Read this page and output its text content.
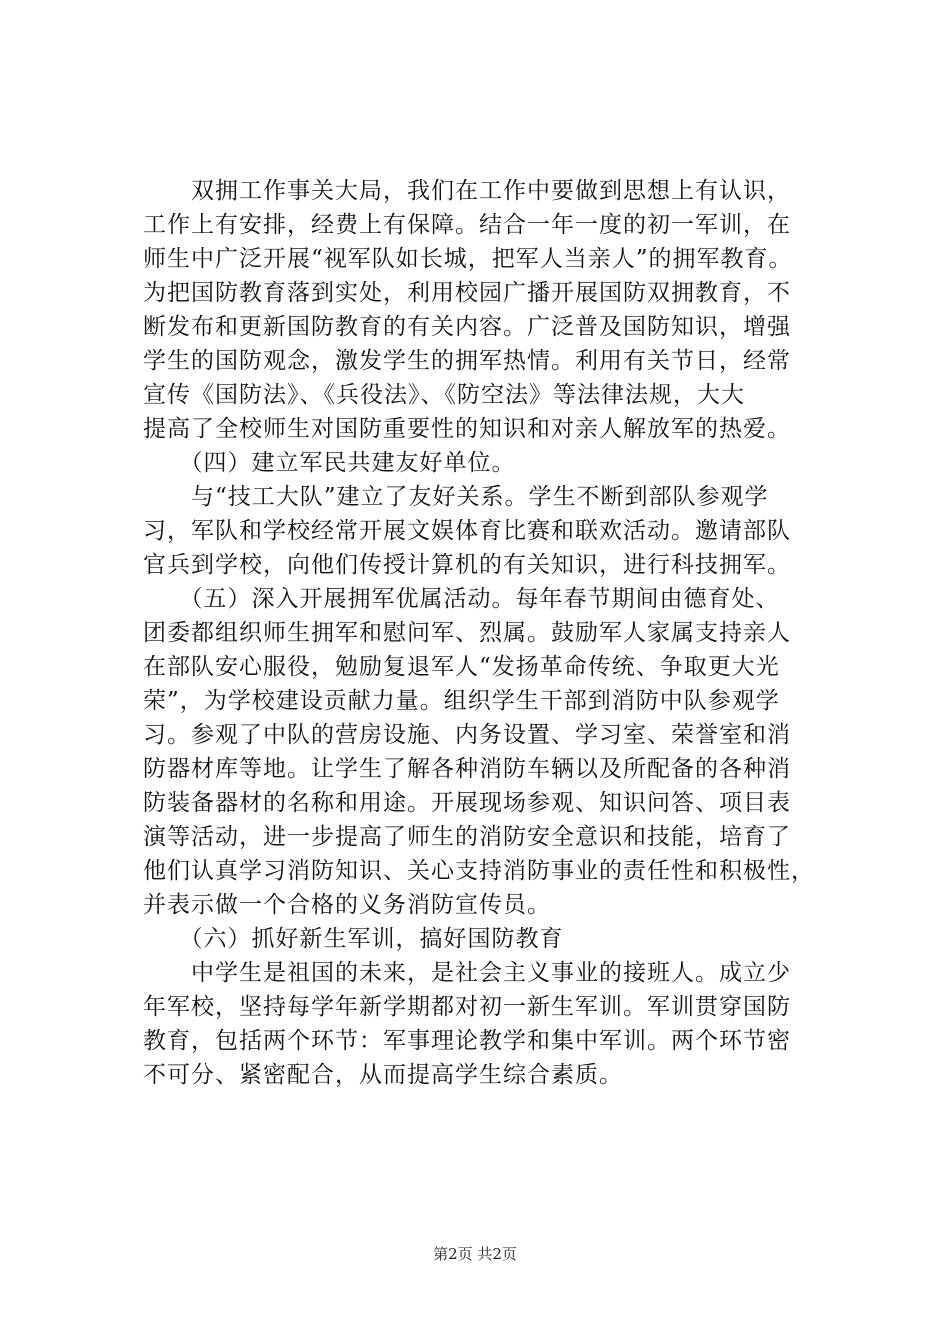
　　双拥工作事关大局，我们在工作中要做到思想上有认识，
工作上有安排，经费上有保障。结合一年一度的初一军训，在
师生中广泛开展“视军队如长城，把军人当亲人”的拥军教育。
为把国防教育落到实处，利用校园广播开展国防双拥教育，不
断发布和更新国防教育的有关内容。广泛普及国防知识，增强
学生的国防观念，激发学生的拥军热情。利用有关节日，经常
宣传《国防法》、《兵役法》、《防空法》等法律法规，大大
提高了全校师生对国防重要性的知识和对亲人解放军的热爱。
　　（四）建立军民共建友好单位。
　　与“技工大队”建立了友好关系。学生不断到部队参观学
习，军队和学校经常开展文娱体育比赛和联欢活动。邀请部队
官兵到学校，向他们传授计算机的有关知识，进行科技拥军。
　　（五）深入开展拥军优属活动。每年春节期间由德育处、
团委都组织师生拥军和慰问军、烈属。鼓励军人家属支持亲人
在部队安心服役，勉励复退军人“发扬革命传统、争取更大光
荣”，为学校建设贡献力量。组织学生干部到消防中队参观学
习。参观了中队的营房设施、内务设置、学习室、荣誉室和消
防器材库等地。让学生了解各种消防车辆以及所配备的各种消
防装备器材的名称和用途。开展现场参观、知识问答、项目表
演等活动，进一步提高了师生的消防安全意识和技能，培育了
他们认真学习消防知识、关心支持消防事业的责任性和积极性，
并表示做一个合格的义务消防宣传员。
　　（六）抓好新生军训，搞好国防教育
　　中学生是祖国的未来，是社会主义事业的接班人。成立少
年军校，坚持每学年新学期都对初一新生军训。军训贯穿国防
教育，包括两个环节：军事理论教学和集中军训。两个环节密
不可分、紧密配合，从而提高学生综合素质。
第2页 共2页
